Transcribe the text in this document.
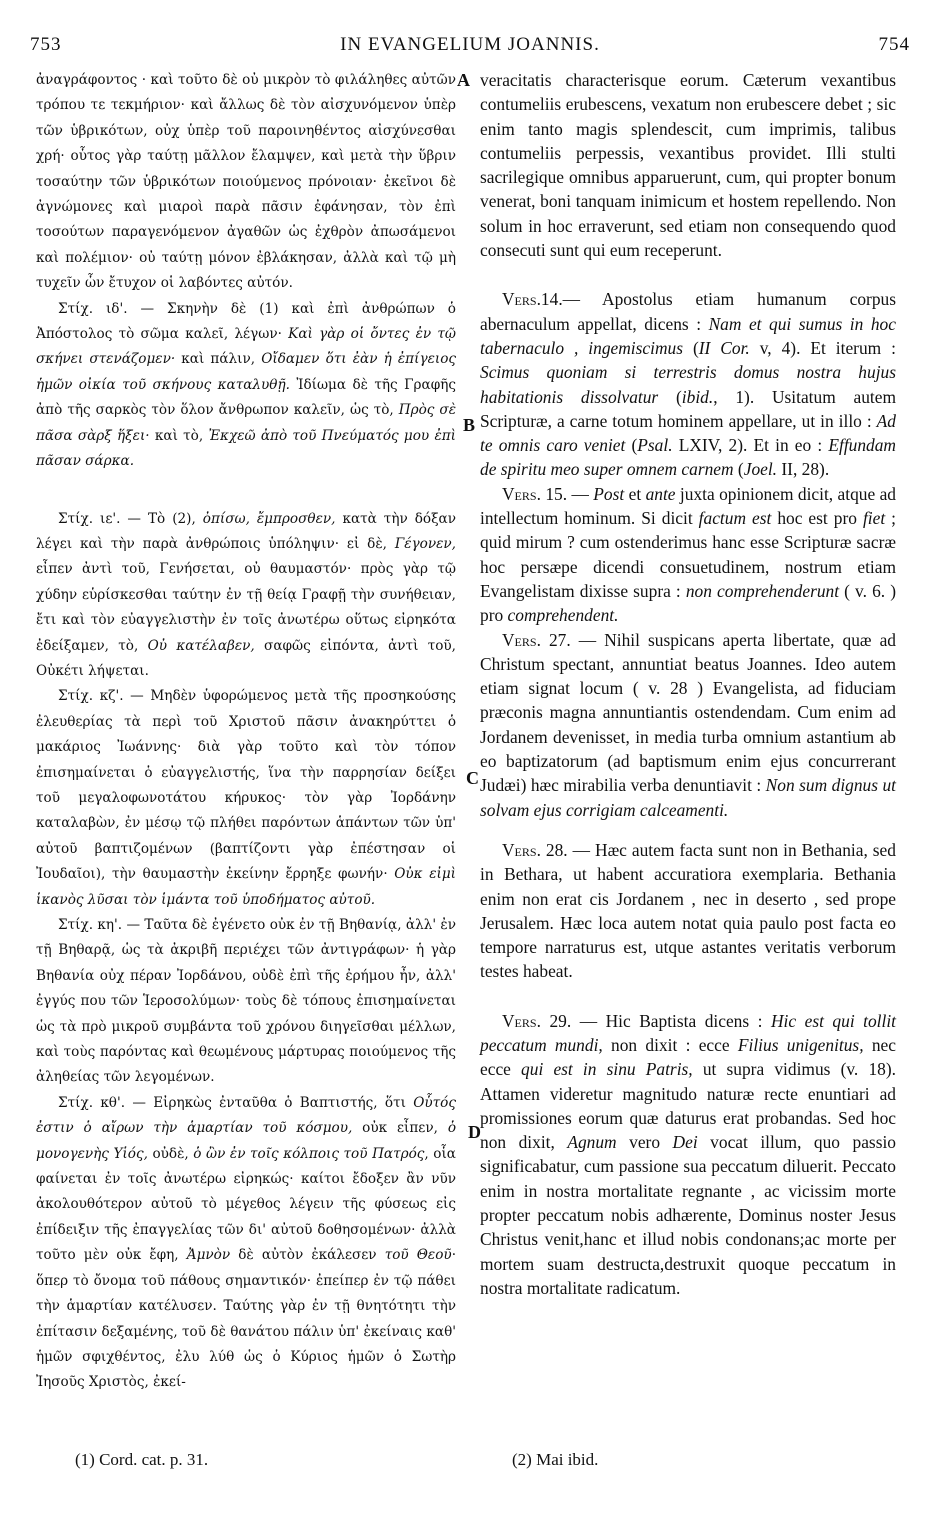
753	IN EVANGELIUM JOANNIS.	754

ἀναγράφοντος · καὶ τοῦτο δὲ οὐ μικρὸν τὸ φιλάληθες αὐτῶν τρόπου τε τεκμήριον· καὶ ἄλλως δὲ τὸν αἰσχυνόμενον ὑπὲρ τῶν ὑβρικότων, οὐχ ὑπὲρ τοῦ παροινηθέντος αἰσχύνεσθαι χρή· οὗτος γὰρ ταύτῃ μᾶλλον ἔλαμψεν, καὶ μετὰ τὴν ὕβριν τοσαύτην τῶν ὑβρικότων ποιούμενος πρόνοιαν· ἐκεῖνοι δὲ ἀγνώμονες καὶ μιαροὶ παρὰ πᾶσιν ἐφάνησαν, τὸν ἐπὶ τοσούτων παραγενόμενον ἀγαθῶν ὡς ἐχθρὸν ἀπωσάμενοι καὶ πολέμιον· οὐ ταύτῃ μόνον ἐβλάκησαν, ἀλλὰ καὶ τῷ μὴ τυχεῖν ὧν ἔτυχον οἱ λαβόντες αὐτόν.

Στίχ. ιδ'. — Σκηνὴν δὲ (1) καὶ ἐπὶ ἀνθρώπων ὁ Ἀπόστολος τὸ σῶμα καλεῖ, λέγων· Καὶ γὰρ οἱ ὄντες ἐν τῷ σκήνει στενάζομεν· καὶ πάλιν, Οἴδαμεν ὅτι ἐὰν ἡ ἐπίγειος ἡμῶν οἰκία τοῦ σκήνους καταλυθῇ. Ἰδίωμα δὲ τῆς Γραφῆς ἀπὸ τῆς σαρκὸς τὸν ὅλον ἄνθρωπον καλεῖν, ὡς τὸ, Πρὸς σὲ πᾶσα σὰρξ ἥξει· καὶ τὸ, Ἐκχεῶ ἀπὸ τοῦ Πνεύματός μου ἐπὶ πᾶσαν σάρκα.

Στίχ. ιε'. — Τὸ (2), ὀπίσω, ἔμπροσθεν, κατὰ τὴν δόξαν λέγει καὶ τὴν παρὰ ἀνθρώποις ὑπόληψιν· εἰ δὲ, Γέγονεν, εἶπεν ἀντὶ τοῦ, Γενήσεται, οὐ θαυμαστόν· πρὸς γὰρ τῷ χύδην εὑρίσκεσθαι ταύτην ἐν τῇ θείᾳ Γραφῇ τὴν συνήθειαν, ἔτι καὶ τὸν εὐαγγελιστὴν ἐν τοῖς ἀνωτέρω οὕτως εἰρηκότα ἐδείξαμεν, τὸ, Οὐ κατέλαβεν, σαφῶς εἰπόντα, ἀντὶ τοῦ, Οὐκέτι λήψεται.

Στίχ. κζ'. — Μηδὲν ὑφορώμενος μετὰ τῆς προσηκούσης ἐλευθερίας τὰ περὶ τοῦ Χριστοῦ πᾶσιν ἀνακηρύττει ὁ μακάριος Ἰωάννης· διὰ γὰρ τοῦτο καὶ τὸν τόπον ἐπισημαίνεται ὁ εὐαγγελιστής, ἵνα τὴν παρρησίαν δείξει τοῦ μεγαλοφωνοτάτου κήρυκος· τὸν γὰρ Ἰορδάνην καταλαβὼν, ἐν μέσῳ τῷ πλήθει παρόντων ἁπάντων τῶν ὑπ' αὐτοῦ βαπτιζομένων (βαπτίζοντι γὰρ ἐπέστησαν οἱ Ἰουδαῖοι), τὴν θαυμαστὴν ἐκείνην ἔρρηξε φωνήν· Οὐκ εἰμὶ ἱκανὸς λῦσαι τὸν ἱμάντα τοῦ ὑποδήματος αὐτοῦ.

Στίχ. κη'. — Ταῦτα δὲ ἐγένετο οὐκ ἐν τῇ Βηθανίᾳ, ἀλλ' ἐν τῇ Βηθαρᾷ, ὡς τὰ ἀκριβῆ περιέχει τῶν ἀντιγράφων· ἡ γὰρ Βηθανία οὐχ πέραν Ἰορδάνου, οὐδὲ ἐπὶ τῆς ἐρήμου ἦν, ἀλλ' ἐγγύς που τῶν Ἱεροσολύμων· τοὺς δὲ τόπους ἐπισημαίνεται ὡς τὰ πρὸ μικροῦ συμβάντα τοῦ χρόνου διηγεῖσθαι μέλλων, καὶ τοὺς παρόντας καὶ θεωμένους μάρτυρας ποιούμενος τῆς ἀληθείας τῶν λεγομένων.

Στίχ. κθ'. — Εἰρηκὼς ἐνταῦθα ὁ Βαπτιστής, ὅτι Οὗτός ἐστιν ὁ αἴρων τὴν ἁμαρτίαν τοῦ κόσμου, οὐκ εἶπεν, ὁ μονογενὴς Υἱός, οὐδὲ, ὁ ὢν ἐν τοῖς κόλποις τοῦ Πατρός, οἷα φαίνεται ἐν τοῖς ἀνωτέρω εἰρηκώς· καίτοι ἔδοξεν ἂν νῦν ἀκολουθότερον αὐτοῦ τὸ μέγεθος λέγειν τῆς φύσεως εἰς ἐπίδειξιν τῆς ἐπαγγελίας τῶν δι' αὐτοῦ δοθησομένων· ἀλλὰ τοῦτο μὲν οὐκ ἔφη, Ἀμνὸν δὲ αὐτὸν ἐκάλεσεν τοῦ Θεοῦ· ὅπερ τὸ ὄνομα τοῦ πάθους σημαντικόν· ἐπείπερ ἐν τῷ πάθει τὴν ἁμαρτίαν κατέλυσεν. Ταύτης γὰρ ἐν τῇ θνητότητι τὴν ἐπίτασιν δεξαμένης, τοῦ δὲ θανάτου πάλιν ὑπ' ἐκείναις καθ' ἡμῶν σφιχθέντος, ἐλυ λύθ ὡς ὁ Κύριος ἡμῶν ὁ Σωτὴρ Ἰησοῦς Χριστὸς, ἐκεί-

A
B
C
D

veracitatis characterisque eorum. Cæterum vexantibus contumeliis erubescens, vexatum non erubescere debet ; sic enim tanto magis splendescit, cum imprimis, talibus contumeliis perpessis, vexantibus providet. Illi stulti sacrilegique omnibus apparuerunt, cum, qui propter bonum venerat, boni tanquam inimicum et hostem repellendo. Non solum in hoc erraverunt, sed etiam non consequendo quod consecuti sunt qui eum receperunt.

Vers.14.— Apostolus etiam humanum corpus abernaculum appellat, dicens : Nam et qui sumus in hoc tabernaculo , ingemiscimus (II Cor. v, 4). Et iterum : Scimus quoniam si terrestris domus nostra hujus habitationis dissolvatur (ibid., 1). Usitatum autem Scripturæ, a carne totum hominem appellare, ut in illo : Ad te omnis caro veniet (Psal. LXIV, 2). Et in eo : Effundam de spiritu meo super omnem carnem (Joel. II, 28).

Vers. 15. — Post et ante juxta opinionem dicit, atque ad intellectum hominum. Si dicit factum est hoc est pro fiet ; quid mirum ? cum ostenderimus hanc esse Scripturæ sacræ hoc persæpe dicendi consuetudinem, nostrum etiam Evangelistam dixisse supra : non comprehenderunt ( v. 6. ) pro comprehendent.

Vers. 27. — Nihil suspicans aperta libertate, quæ ad Christum spectant, annuntiat beatus Joannes. Ideo autem etiam signat locum ( v. 28 ) Evangelista, ad fiduciam præconis magna annuntiantis ostendendam. Cum enim ad Jordanem devenisset, in media turba omnium astantium ab eo baptizatorum (ad baptismum enim ejus concurrerant Judæi) hæc mirabilia verba denuntiavit : Non sum dignus ut solvam ejus corrigiam calceamenti.

Vers. 28. — Hæc autem facta sunt non in Bethania, sed in Bethara, ut habent accuratiora exemplaria. Bethania enim non erat cis Jordanem , nec in deserto , sed prope Jerusalem. Hæc loca autem notat quia paulo post facta eo tempore narraturus est, utque astantes veritatis verborum testes habeat.

Vers. 29. — Hic Baptista dicens : Hic est qui tollit peccatum mundi, non dixit : ecce Filius unigenitus, nec ecce qui est in sinu Patris, ut supra vidimus (v. 18). Attamen videretur magnitudo naturæ recte enuntiari ad promissiones eorum quæ daturus erat probandas. Sed hoc non dixit, Agnum vero Dei vocat illum, quo passio significabatur, cum passione sua peccatum diluerit. Peccato enim in nostra mortalitate regnante , ac vicissim morte propter peccatum nobis adhærente, Dominus noster Jesus Christus venit,hanc et illud nobis condonans;ac morte per mortem suam destructa,destruxit quoque peccatum in nostra mortalitate radicatum.

(1) Cord. cat. p. 31.	(2) Mai ibid.
